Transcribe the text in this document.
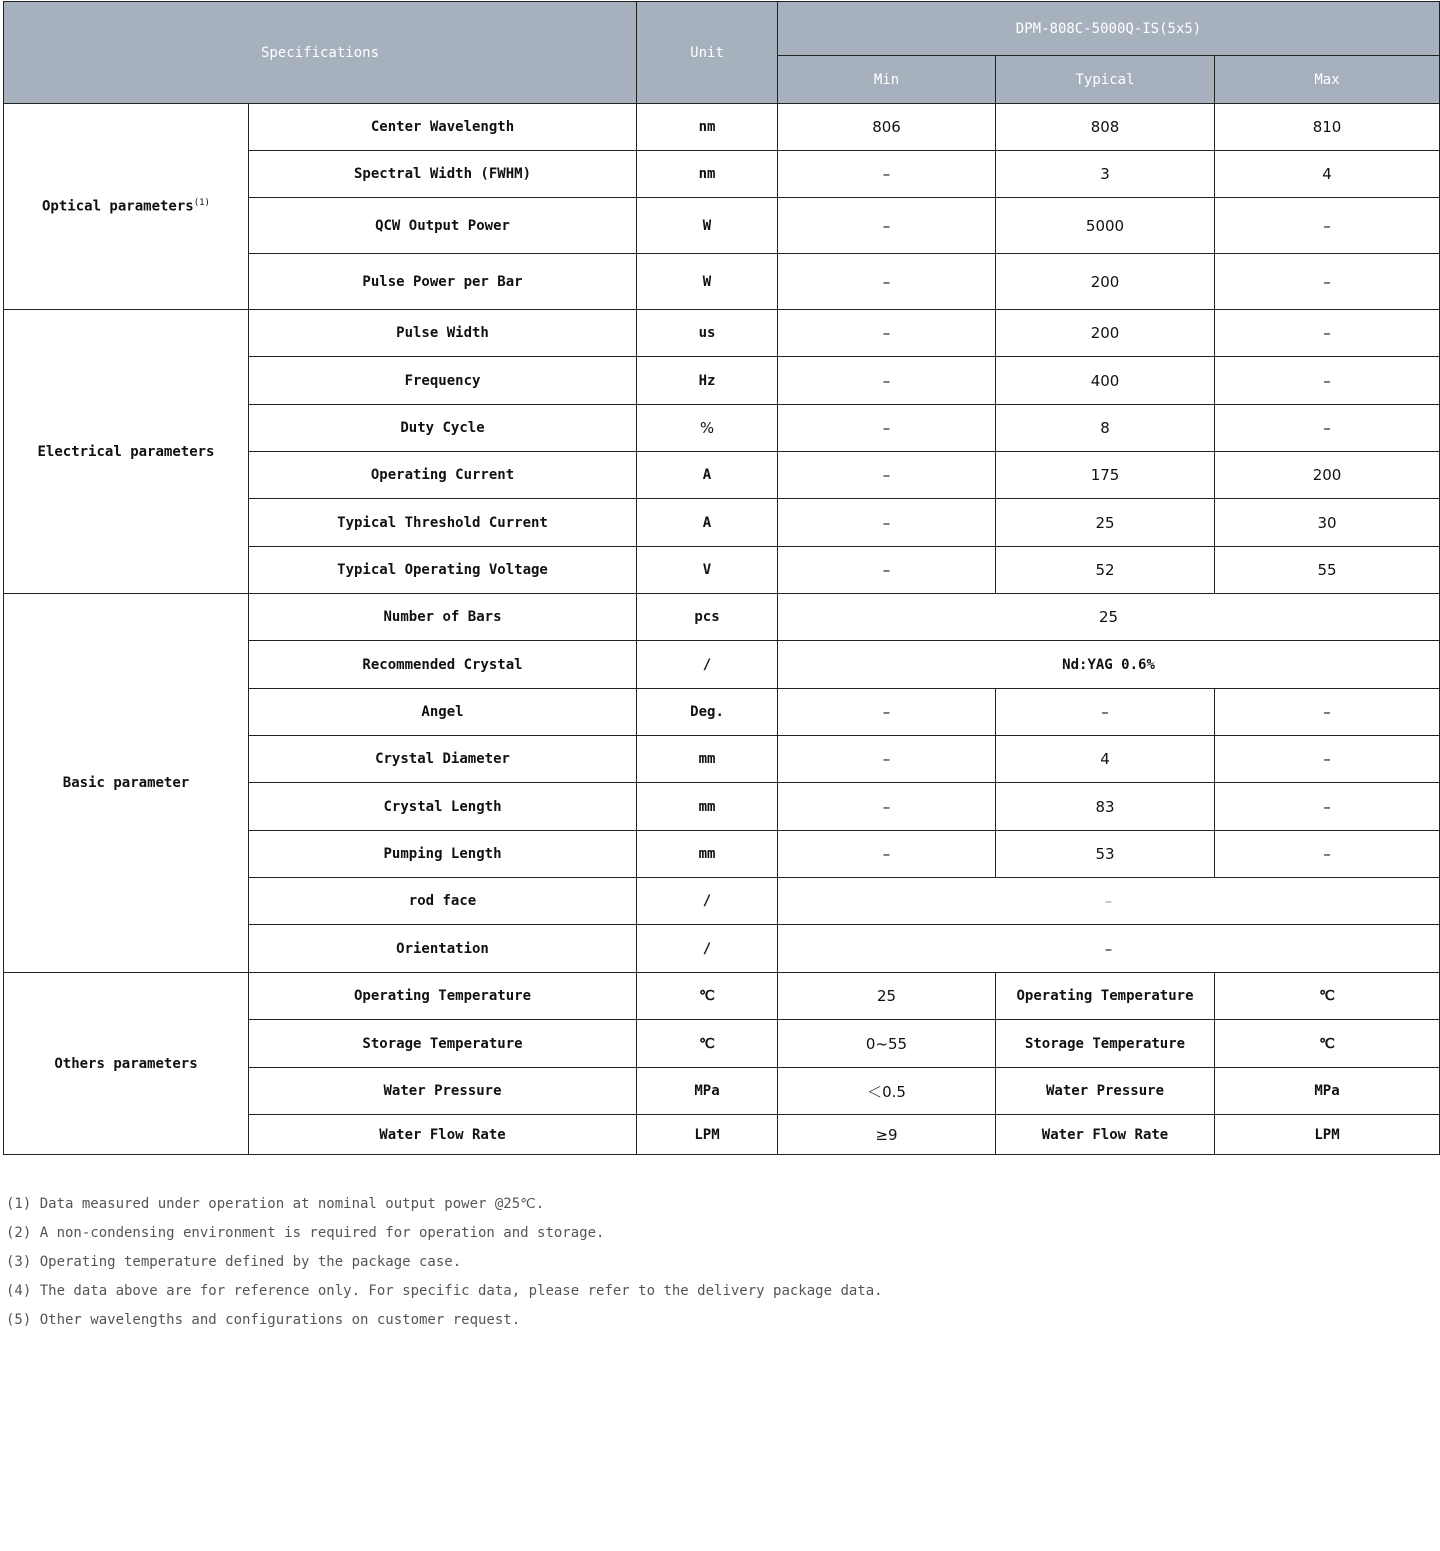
Specifications		Unit	DPM-808C-5000Q-IS(5x5)		
			Min	Typical	Max
Optical parameters$^{(1)}$	Center Wavelength	nm	806	808	810
	Spectral Width (FWHM)	nm	–	3	4
	QCW Output Power	W	–	5000	–
	Pulse Power per Bar	W	–	200	–
Electrical parameters	Pulse Width	us	–	200	–
	Frequency	Hz	–	400	–
	Duty Cycle	%	–	8	–
	Operating Current	A	–	175	200
	Typical Threshold Current	A	–	25	30
	Typical Operating Voltage	V	–	52	55
Basic parameter	Number of Bars	pcs	25		
	Recommended Crystal	/	Nd:YAG 0.6%		
	Angel	Deg.	–	–	–
	Crystal Diameter	mm	–	4	–
	Crystal Length	mm	–	83	–
	Pumping Length	mm	–	53	–
	rod face	/	–		
	Orientation	/	–		
Others parameters	Operating Temperature	℃	25	Operating Temperature	℃
	Storage Temperature	℃	0~55	Storage Temperature	℃
	Water Pressure	MPa	＜0.5	Water Pressure	MPa
	Water Flow Rate	LPM	≥9	Water Flow Rate	LPM
(1) Data measured under operation at nominal output power @25℃.
(2) A non-condensing environment is required for operation and storage.
(3) Operating temperature defined by the package case.
(4) The data above are for reference only. For specific data, please refer to the delivery package data.
(5) Other wavelengths and configurations on customer request.
